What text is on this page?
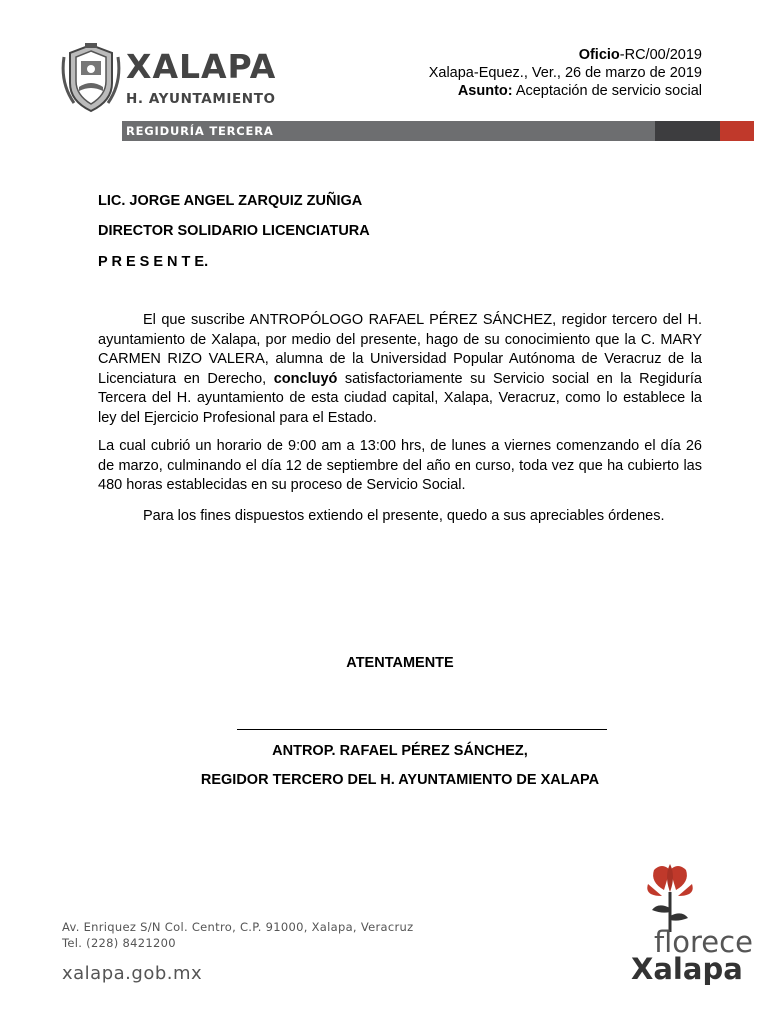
XALAPA
H. AYUNTAMIENTO
Oficio-RC/00/2019
Xalapa-Equez., Ver., 26 de marzo de 2019
Asunto: Aceptación de servicio social
REGIDURÍA TERCERA
LIC. JORGE ANGEL ZARQUIZ ZUÑIGA
DIRECTOR SOLIDARIO LICENCIATURA
P R E S E N T E.
El que suscribe ANTROPÓLOGO RAFAEL PÉREZ SÁNCHEZ, regidor tercero del H. ayuntamiento de Xalapa, por medio del presente, hago de su conocimiento que la C. MARY CARMEN RIZO VALERA, alumna de la Universidad Popular Autónoma de Veracruz de la Licenciatura en Derecho, concluyó satisfactoriamente su Servicio social en la Regiduría Tercera del H. ayuntamiento de esta ciudad capital, Xalapa, Veracruz, como lo establece la ley del Ejercicio Profesional para el Estado.
La cual cubrió un horario de 9:00 am a 13:00 hrs, de lunes a viernes comenzando el día 26 de marzo, culminando el día 12 de septiembre del año en curso, toda vez que ha cubierto las 480 horas establecidas en su proceso de Servicio Social.
Para los fines dispuestos extiendo el presente, quedo a sus apreciables órdenes.
ATENTAMENTE
ANTROP. RAFAEL PÉREZ SÁNCHEZ,
REGIDOR TERCERO DEL H. AYUNTAMIENTO DE XALAPA
Av. Enriquez S/N Col. Centro, C.P. 91000, Xalapa, Veracruz
Tel. (228) 8421200
xalapa.gob.mx
florece
Xalapa
